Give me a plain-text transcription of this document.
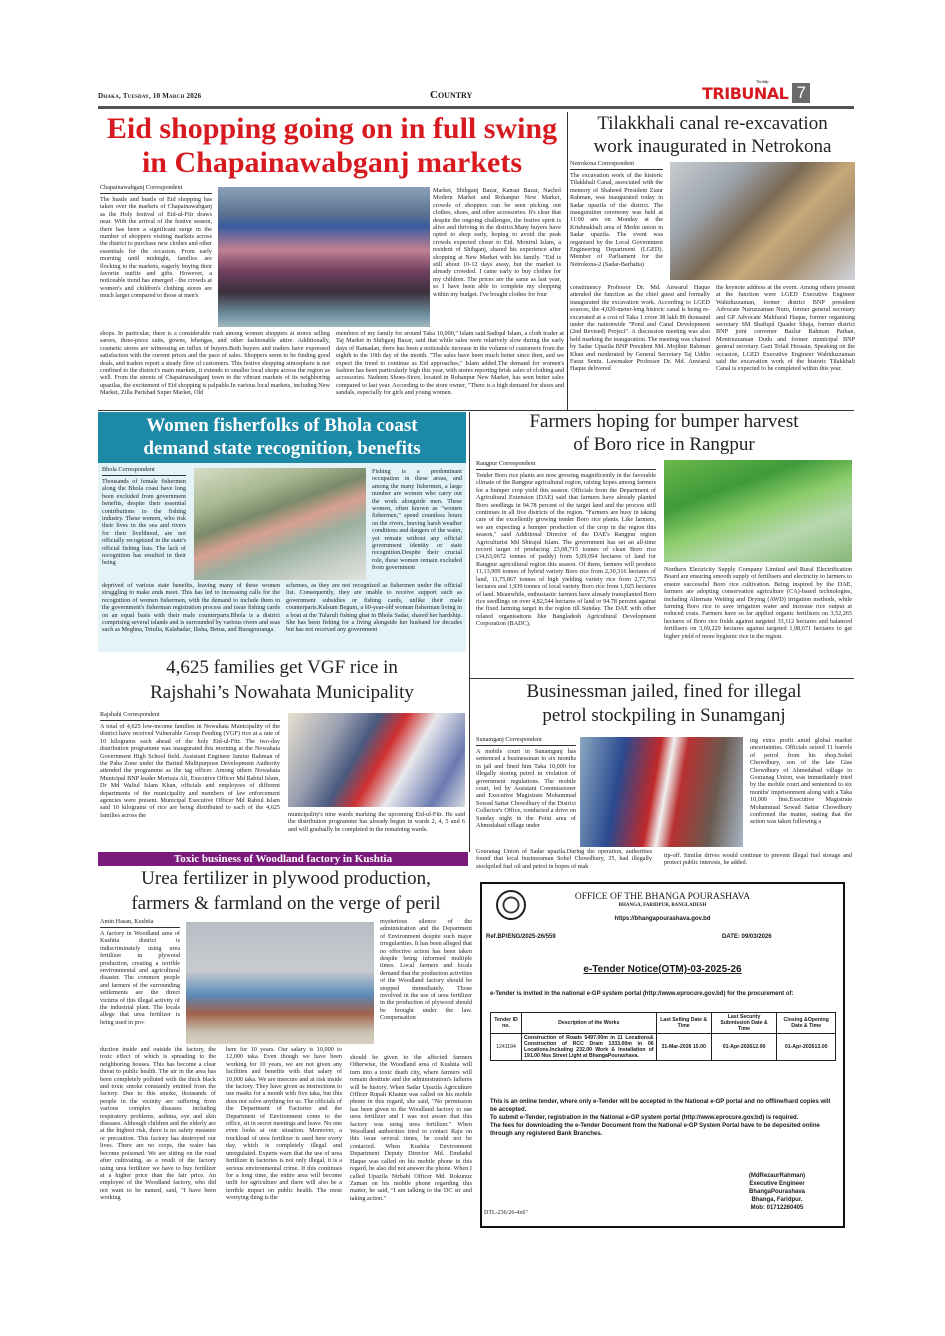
Dhaka, Tuesday, 10 March 2026	Country
The daily
TRIBUNAL 7
Eid shopping going on in full swing
in Chapainawabganj markets
Chapainawabganj Correspondent
The hustle and bustle of Eid shopping has taken over the markets of Chapainawabganj as the Holy festival of Eid-ul-Fitr draws near. With the arrival of the festive season, there has been a significant surge in the number of shoppers visiting markets across the district to purchase new clothes and other essentials for the occasion. From early morning until midnight, families are flocking to the markets, eagerly buying their favorite outfits and gifts. However, a noticeable trend has emerged - the crowds at women's and children's clothing stores are much larger compared to those at men's
shops. In particular, there is a considerable rush among women shoppers at stores selling sarees, three-piece suits, gowns, lehengas, and other fashionable attire. Additionally, cosmetic stores are witnessing an influx of buyers.Both buyers and traders have expressed satisfaction with the current prices and the pace of sales. Shoppers seem to be finding good deals, and traders report a steady flow of customers. This festive shopping atmosphere is not confined to the district's main markets, it extends to smaller local shops across the region as well. From the streets of Chapainawabganj town to the vibrant markets of its neighboring upazilas, the excitement of Eid shopping is palpable.In various local markets, including New Market, Zilla Parishad Super Market, Old
Market, Shibganj Bazar, Kansat Bazar, Nachol Modern Market and Rohanpur New Market, crowds of shoppers can be seen picking out clothes, shoes, and other accessories. It's clear that despite the ongoing challenges, the festive spirit is alive and thriving in the district.Many buyers have opted to shop early, hoping to avoid the peak crowds expected closer to Eid. Monirul Islam, a resident of Shibganj, shared his experience after shopping at New Market with his family. "Eid is still about 10-12 days away, but the market is already crowded. I came early to buy clothes for my children. The prices are the same as last year, so I have been able to complete my shopping within my budget. I've bought clothes for four
members of my family for around Taka 10,000," Islam said.Sadiqul Islam, a cloth trader at Taj Market in Shibganj Bazar, said that while sales were relatively slow during the early days of Ramadan, there has been a noticeable increase in the volume of customers from the eighth to the 10th day of the month. "The sales have been much better since then, and we expect the trend to continue as Eid approaches," Islam added.The demand for women's fashion has been particularly high this year, with stores reporting brisk sales of clothing and accessories. Nadeem Shoes-Store, located in Rohanpur New Market, has seen better sales compared to last year. According to the store owner, "There is a high demand for shoes and sandals, especially for girls and young women.
Tilakkhali canal re-excavation
work inaugurated in Netrokona
Netrokona Correspondent
The excavation work of the historic Tilakkhali Canal, associated with the memory of Shaheed President Ziaur Rahman, was inaugurated today in Sadar upazila of the district. The inauguration ceremony was held at 11:00 am on Monday at the Krishnakhali area of Medni union in Sadar upazila. The event was organised by the Local Government Engineering Department (LGED). Member of Parliament for the Netrokona-2 (Sadar-Barhatta)
constituency Professor Dr. Md. Anwarul Haque attended the function as the chief guest and formally inaugurated the excavation work. According to LGED sources, the 4,020-meter-long historic canal is being re-excavated at a cost of Taka 1 crore 38 lakh 86 thousand under the nationwide "Pond and Canal Development (2nd Revised) Project". A discussion meeting was also held marking the inauguration. The meeting was chaired by Sadar Upazila BNP President Md. Mojibur Rahman Khan and moderated by General Secretary Taj Uddin Faraz Sentu. Lawmaker Professor Dr. Md. Anwarul Haque delivered
the keynote address at the event. Among others present at the function were LGED Executive Engineer Wahiduzzaman, former district BNP president Advocate Nuruzzaman Nuru, former general secretary and GP Advocate Mahfuzul Haque, former organising secretary SM Shafiqul Quader Shuja, former district BNP joint convener Bazlur Rahman Pathan, Moniruzzaman Dudu and former municipal BNP general secretary Gazi Tofail Hossain. Speaking on the occasion, LGED Executive Engineer Wahiduzzaman said the excavation work of the historic Tilakkhali Canal is expected to be completed within this year.
Women fisherfolks of Bhola coast
demand state recognition, benefits
Bhola Correspondent
Thousands of female fishermen along the Bhola coast have long been excluded from government benefits, despite their essential contributions to the fishing industry. These women, who risk their lives in the sea and rivers for their livelihood, are not officially recognized in the state's official fishing lists. The lack of recognition has resulted in their being
deprived of various state benefits, leaving many of these women struggling to make ends meet. This has led to increasing calls for the recognition of women fishermen, with the demand to include them in the government's fisherman registration process and issue fishing cards on an equal basis with their male counterparts.Bhola is a district comprising several islands and is surrounded by various rivers and seas such as Meghna, Tetulia, Kalabadar, Ilisha, Betua, and Buragouranga.
Fishing is a predominant occupation in these areas, and among the many fishermen, a large number are women who carry out the work alongside men. These women, often known as "women fishermen," spend countless hours on the rivers, braving harsh weather conditions and dangers of the water, yet remain without any official government identity or state recognition.Despite their crucial role, these women remain excluded from government
schemes, as they are not recognized as fishermen under the official list. Consequently, they are unable to receive support such as government subsidies or fishing cards, unlike their male counterparts.Kulsum Begum, a 60-year-old woman fisherman living in a boat at the Tularuli fishing ghat in Bhola Sadar, shared her hardship. She has been fishing for a living alongside her husband for decades but has not received any government
Farmers hoping for bumper harvest
of Boro rice in Rangpur
Rangpur Correspondent
Tender Boro rice plants are now growing magnificently in the favorable climate of the Rangpur agricultural region, raising hopes among farmers for a bumper crop yield this season. Officials from the Department of Agricultural Extension (DAE) said that farmers have already planted Boro seedlings in 94.78 percent of the target land and the process still continues in all five districts of the region. "Farmers are busy in taking care of the excellently growing tender Boro rice plants. Like farmers, we are expecting a bumper production of the crop in the region this season," said Additional Director of the DAE's Rangpur region Agriculturist Md Shirajul Islam. The government has set an all-time record target of producing 23,08,715 tonnes of clean Boro rice (34,63,0672 tonnes of paddy) from 5,09,094 hectares of land for Rangpur agricultural region this season. Of them, farmers will produce 11,13,909 tonnes of hybrid variety Boro rice from 2,30,316 hectares of land, 11,75,867 tonnes of high yielding variety rice from 2,77,753 hectares and 1,939 tonnes of local variety Boro rice from 1,025 hectares of land. Meanwhile, enthusiastic farmers have already transplanted Boro rice seedlings on over 4,82,544 hectares of land or 94.78 percent against the fixed farming target in the region till Sunday. The DAE with other related organisations like Bangladesh Agricultural Development Corporation (BADC),
Northern Electricity Supply Company Limited and Rural Electrification Board are ensuring smooth supply of fertilisers and electricity to farmers to ensure successful Boro rice cultivation. Being inspired by the DAE, farmers are adopting conservation agriculture (CA)-based technologies, including Alternate Wetting and Drying (AWD) irrigation methods, while farming Boro rice to save irrigation water and increase rice output at reduced costs. Farmers have so far applied organic fertilisers on 3,52,265 hectares of Boro rice fields against targeted 33,112 hectares and balanced fertilisers on 3,69,229 hectares against targeted 1,98,671 hectares to get higher yield of more hygienic rice in the region.
4,625 families get VGF rice in
Rajshahi’s Nowahata Municipality
Rajshahi Correspondent
A total of 4,625 low-income families in Nowahata Municipality of the district have received Vulnerable Group Feeding (VGF) rice at a rate of 10 kilograms each ahead of the holy Eid-ul-Fitr. The two-day distribution programme was inaugurated this morning at the Nowahata Government High School field. Assistant Engineer Jamiur Rahman of the Paba Zone under the Barind Multipurpose Development Authority attended the programme as the tag officer. Among others Nowahata Municipal BNP leader Mortuza Ali, Executive Officer Md Rabiul Islam, Dr Md Waliul Islam Khan, officials and employees of different departments of the municipality and members of law enforcement agencies were present. Municipal Executive Officer Md Rabiul Islam said 10 kilograms of rice are being distributed to each of the 4,625 families across the	municipality's nine wards marking the upcoming Eid-ul-Fitr. He said the distribution programme has already begun in wards 2, 4, 5 and 6 and will gradually be completed in the remaining wards.
Businessman jailed, fined for illegal
petrol stockpiling in Sunamganj
Sunamganj Correspondent
A mobile court in Sunamganj has sentenced a businessman to six months in jail and fined him Taka 10,000 for illegally storing petrol in violation of government regulations. The mobile court, led by Assistant Commissioner and Executive Magistrate Mohammad Sowad Sattar Chowdhury of the District Collector's Office, conducted a drive on Sunday night in the Point area of Ahmedabad village under
Gouranag Union of Sadar upazila.During the operation, authorities found that local businessman Sohel Chowdhury, 35, had illegally stockpiled fuel oil and petrol in hopes of mak
ing extra profit amid global market uncertainties. Officials seized 11 barrels of petrol from his shop.Sohel Chowdhury, son of the late Gias Chowdhury of Ahmedabad village in Gouranag Union, was immediately tried by the mobile court and sentenced to six months' imprisonment along with a Taka 10,000 fine.Executive Magistrate Mohammad Sowad Sattar Chowdhury confirmed the matter, stating that the action was taken following a
tip-off. Similar drives would continue to prevent illegal fuel storage and protect public interests, he added.
Toxic business of Woodland factory in Kushtia
Urea fertilizer in plywood production,
farmers & farmland on the verge of peril
Amin Hasan, Kushtia
A factory in Woodland area of Kushtia district is indiscriminately using urea fertilizer in plywood production, creating a terrible environmental and agricultural disaster. The common people and farmers of the surrounding settlements are the direct victims of this illegal activity of the industrial plant. The locals allege that urea fertilizer is being used in pro-
duction inside and outside the factory, the toxic effect of which is spreading to the neighboring houses. This has become a clear threat to public health. The air in the area has been completely polluted with the thick black and toxic smoke constantly emitted from the factory. Due to this smoke, thousands of people in the vicinity are suffering from various complex diseases including respiratory problems, asthma, eye and skin diseases. Although children and the elderly are at the highest risk, there is no safety measure or precaution. This factory has destroyed our lives. There are no crops, the water has become poisoned. We are sitting on the road after cultivating, as a result of the factory using urea fertilizer we have to buy fertilizer at a higher price than the fair price. An employee of the Woodland factory, who did not want to be named, said, "I have been working
here for 10 years. Our salary is 10,000 to 12,000 taka. Even though we have been working for 10 years, we are not given any facilities and benefits with that salary of 10,000 taka. We are insecure and at risk inside the factory. They have given us instructions to use masks for a month with five taka, but this does not solve anything for us. The officials of the Department of Factories and the Department of Environment come to the office, sit in secret meetings and leave. No one even looks at our situation. Moreover, a truckload of urea fertilizer is used here every day, which is completely illegal and unregulated. Experts warn that the use of urea fertilizer in factories is not only illegal, it is a serious environmental crime. If this continues for a long time, the entire area will become unfit for agriculture and there will also be a terrible impact on public health. The most worrying thing is the
mysterious silence of the administration and the Department of Environment despite such major irregularities. It has been alleged that no effective action has been taken despite being informed multiple times. Local farmers and locals demand that the production activities of the Woodland factory should be stopped immediately. Those involved in the use of urea fertilizer in the production of plywood should be brought under the law. Compensation
should be given to the affected farmers Otherwise, the Woodland area of Kushtia will turn into a toxic death city, where farmers will remain destitute and the administration's failures will be history. When Sadar Upazila Agriculture Officer Rupali Khatun was called on his mobile phone in this regard, she said, "No permission has been given to the Woodland factory to use urea fertilizer and I was not aware that this factory was using urea fertilizer." When Woodland authorities tried to contact Raju on this issue several times, he could not be contacted. When Kushtia Environment Department Deputy Director Md. Emdadul Haque was called on his mobile phone in this regard, he also did not answer the phone. When I called Upazila Nirbahi Officer Md. Rokunuz Zaman on his mobile phone regarding this matter, he said, "I am talking to the DC sir and taking action."
OFFICE OF THE BHANGA POURASHAVA
BHANGA, FARIDPUR, BANGLADESH
https://bhangapourashava.gov.bd
Ref.BP/ENG/2025-26/559	DATE: 09/03/2026
e-Tender Notice(OTM)-03-2025-26
e-Tender is invited in the national e-GP system portal (http://www.eprocure.gov.bd) for the procurement of:
Tender ID no.	Description of the Works	Last Selling Date & Time	Last Security Submission Date & Time	Closing &Opening Date & Time
1241194	Construction of Roads 5497.00m in 11 Locations& Construction of RCC Drain 1333.00m in 06 Locations.Including 232.00 Work & Installation of 191.00 Nos Street Light at BhangaPourashava.	31-Mar-2026 15.00	01-Apr-202612.00	01-Apr-202613.00
This is an online tender, where only e-Tender will be accepted in the National e-GP portal and no offline/hard copies will be accepted.
To submit e-Tender, registration in the National e-GP system portal (http://www.eprocure.gov.bd) is required.
The fees for downloading the e-Tender Document from the National e-GP System Portal have to be deposited online through any registered Bank Branches.
(MdRezaurRahman)
Executive Engineer
BhangaPourashava
Bhanga, Faridpur.
Mob: 01712260405
DTL-236/26-4x6"
